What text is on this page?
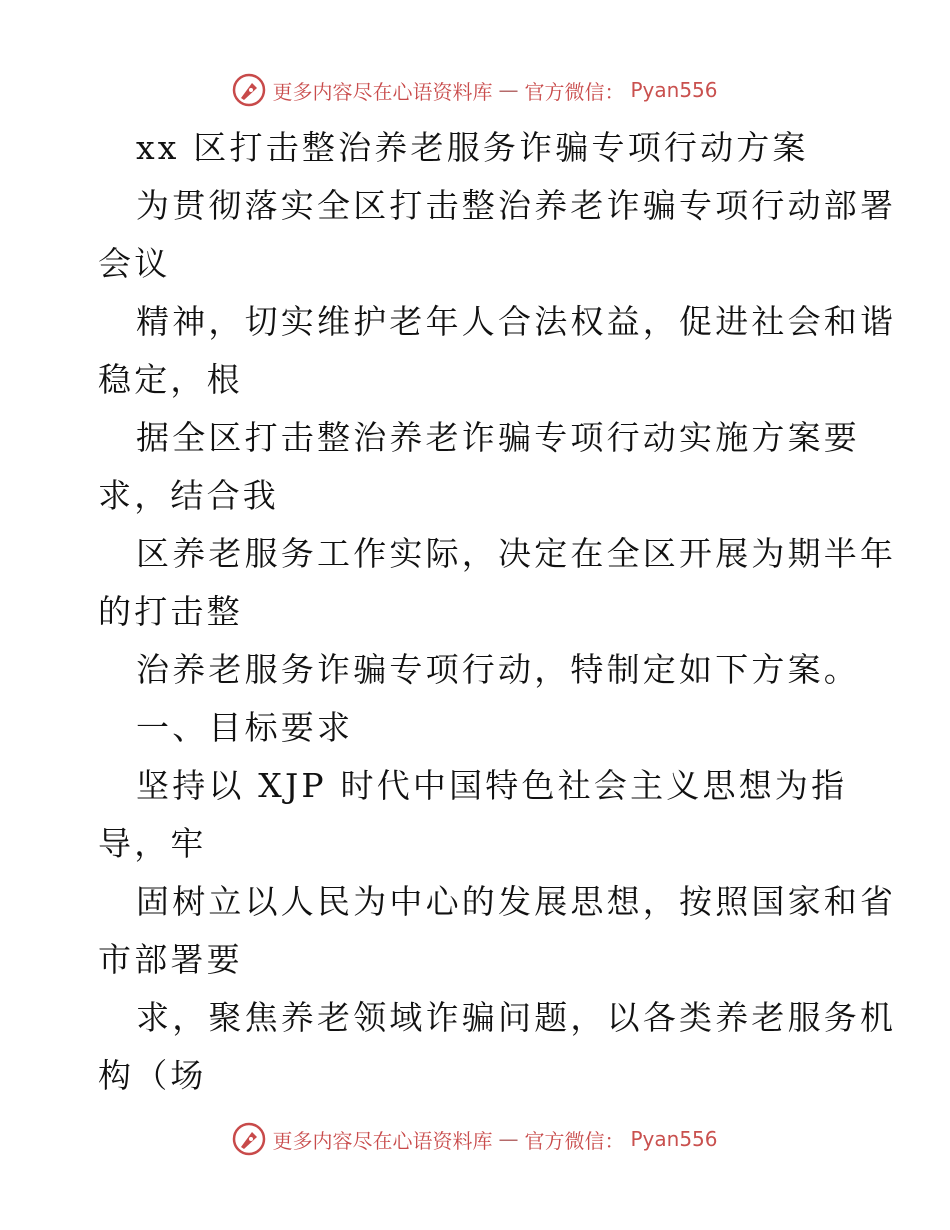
更多内容尽在心语资料库 — 官方微信： Pyan556
xx 区打击整治养老服务诈骗专项行动方案
为贯彻落实全区打击整治养老诈骗专项行动部署
会议
精神，切实维护老年人合法权益，促进社会和谐
稳定，根
据全区打击整治养老诈骗专项行动实施方案要
求，结合我
区养老服务工作实际，决定在全区开展为期半年
的打击整
治养老服务诈骗专项行动，特制定如下方案。
一、目标要求
坚持以 XJP 时代中国特色社会主义思想为指
导，牢
固树立以人民为中心的发展思想，按照国家和省
市部署要
求，聚焦养老领域诈骗问题，以各类养老服务机
构（场
更多内容尽在心语资料库 — 官方微信： Pyan556
